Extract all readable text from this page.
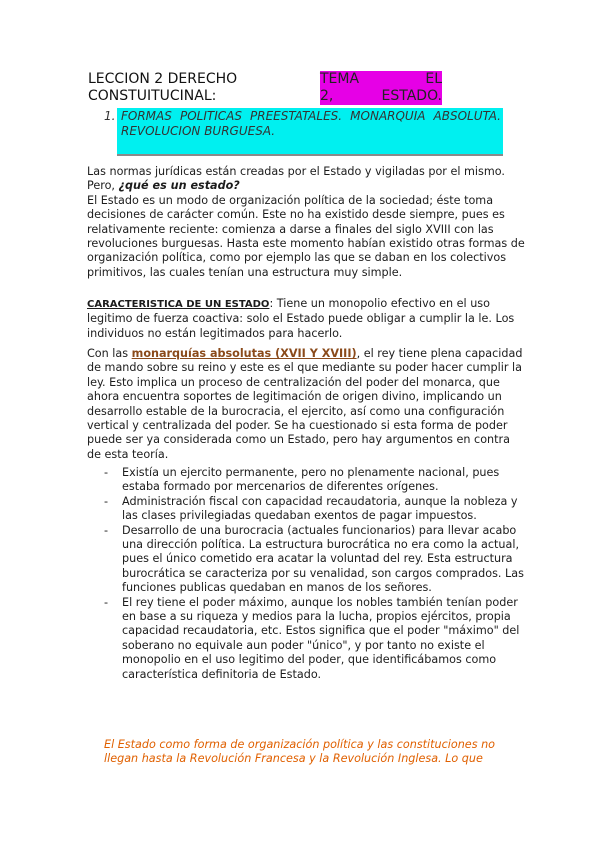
LECCION 2 DERECHO
CONSTUITUCINAL:
TEMA	EL
2,	ESTADO.
1. FORMAS POLITICAS PREESTATALES. MONARQUIA ABSOLUTA. REVOLUCION BURGUESA.
Las normas jurídicas están creadas por el Estado y vigiladas por el mismo.
Pero, ¿qué es un estado?
El Estado es un modo de organización política de la sociedad; éste toma decisiones de carácter común. Este no ha existido desde siempre, pues es relativamente reciente: comienza a darse a finales del siglo XVIII con las revoluciones burguesas. Hasta este momento habían existido otras formas de organización política, como por ejemplo las que se daban en los colectivos primitivos, las cuales tenían una estructura muy simple.
CARACTERISTICA DE UN ESTADO: Tiene un monopolio efectivo en el uso legitimo de fuerza coactiva: solo el Estado puede obligar a cumplir la le. Los individuos no están legitimados para hacerlo.
Con las monarquías absolutas (XVII Y XVIII), el rey tiene plena capacidad de mando sobre su reino y este es el que mediante su poder hacer cumplir la ley. Esto implica un proceso de centralización del poder del monarca, que ahora encuentra soportes de legitimación de origen divino, implicando un desarrollo estable de la burocracia, el ejercito, así como una configuración vertical y centralizada del poder. Se ha cuestionado si esta forma de poder puede ser ya considerada como un Estado, pero hay argumentos en contra de esta teoría.
- Existía un ejercito permanente, pero no plenamente nacional, pues estaba formado por mercenarios de diferentes orígenes.
- Administración fiscal con capacidad recaudatoria, aunque la nobleza y las clases privilegiadas quedaban exentos de pagar impuestos.
- Desarrollo de una burocracia (actuales funcionarios) para llevar acabo una dirección política. La estructura burocrática no era como la actual, pues el único cometido era acatar la voluntad del rey. Esta estructura burocrática se caracteriza por su venalidad, son cargos comprados. Las funciones publicas quedaban en manos de los señores.
- El rey tiene el poder máximo, aunque los nobles también tenían poder en base a su riqueza y medios para la lucha, propios ejércitos, propia capacidad recaudatoria, etc. Estos significa que el poder "máximo" del soberano no equivale aun poder "único", y por tanto no existe el monopolio en el uso legitimo del poder, que identificábamos como característica definitoria de Estado.
El Estado como forma de organización política y las constituciones no llegan hasta la Revolución Francesa y la Revolución Inglesa. Lo que
